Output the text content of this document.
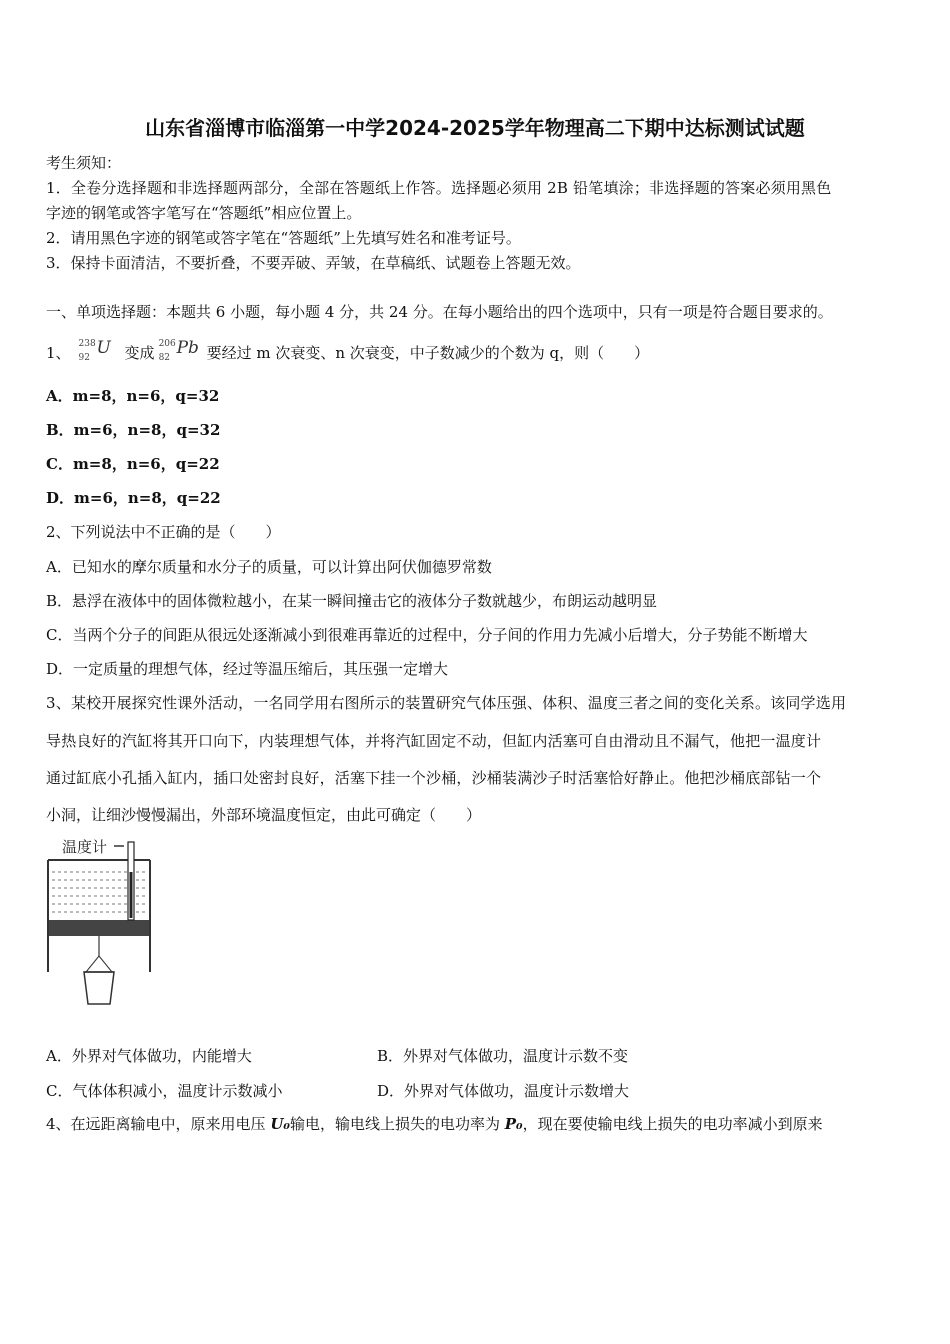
山东省淄博市临淄第一中学2024-2025学年物理高二下期中达标测试试题
考生须知：
1．全卷分选择题和非选择题两部分，全部在答题纸上作答。选择题必须用 2B 铅笔填涂；非选择题的答案必须用黑色
字迹的钢笔或答字笔写在“答题纸”相应位置上。
2．请用黑色字迹的钢笔或答字笔在“答题纸”上先填写姓名和准考证号。
3．保持卡面清洁，不要折叠，不要弄破、弄皱，在草稿纸、试题卷上答题无效。
一、单项选择题：本题共 6 小题，每小题 4 分，共 24 分。在每小题给出的四个选项中，只有一项是符合题目要求的。
1、 238
92 U 变成 206
82 Pb 要经过 m 次衰变、n 次衰变，中子数减少的个数为 q，则（　　）
A．m=8，n=6，q=32
B．m=6，n=8，q=32
C．m=8，n=6，q=22
D．m=6，n=8，q=22
2、下列说法中不正确的是（　　）
A．已知水的摩尔质量和水分子的质量，可以计算出阿伏伽德罗常数
B．悬浮在液体中的固体微粒越小，在某一瞬间撞击它的液体分子数就越少，布朗运动越明显
C．当两个分子的间距从很远处逐渐减小到很难再靠近的过程中，分子间的作用力先减小后增大，分子势能不断增大
D．一定质量的理想气体，经过等温压缩后，其压强一定增大
3、某校开展探究性课外活动，一名同学用右图所示的装置研究气体压强、体积、温度三者之间的变化关系。该同学选用
导热良好的汽缸将其开口向下，内装理想气体，并将汽缸固定不动，但缸内活塞可自由滑动且不漏气，他把一温度计
通过缸底小孔插入缸内，插口处密封良好，活塞下挂一个沙桶，沙桶装满沙子时活塞恰好静止。他把沙桶底部钻一个
小洞，让细沙慢慢漏出，外部环境温度恒定，由此可确定（　　）
温度计
A．外界对气体做功，内能增大	B．外界对气体做功，温度计示数不变
C．气体体积减小，温度计示数减小	D．外界对气体做功，温度计示数增大
4、在远距离输电中，原来用电压 U₀输电，输电线上损失的电功率为 P₀，现在要使输电线上损失的电功率减小到原来
